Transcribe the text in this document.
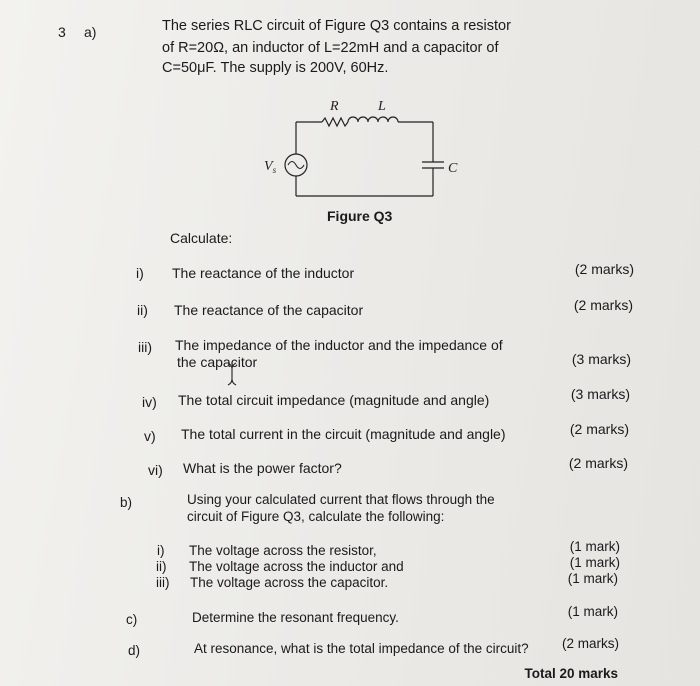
3 a)	The series RLC circuit of Figure Q3 contains a resistor
of R=20Ω, an inductor of L=22mH and a capacitor of
C=50μF. The supply is 200V, 60Hz.
R	L
$V_s$	C
Figure Q3
Calculate:
i) The reactance of the inductor	(2 marks)
ii) The reactance of the capacitor	(2 marks)
iii) The impedance of the inductor and the impedance of
the capacitor	(3 marks)
iv) The total circuit impedance (magnitude and angle)	(3 marks)
v) The total current in the circuit (magnitude and angle)	(2 marks)
vi) What is the power factor?	(2 marks)
b)	Using your calculated current that flows through the
circuit of Figure Q3, calculate the following:
i) The voltage across the resistor,	(1 mark)
ii) The voltage across the inductor and	(1 mark)
iii) The voltage across the capacitor.	(1 mark)
c)	Determine the resonant frequency.	(1 mark)
d)	At resonance, what is the total impedance of the circuit? (2 marks)
Total 20 marks
